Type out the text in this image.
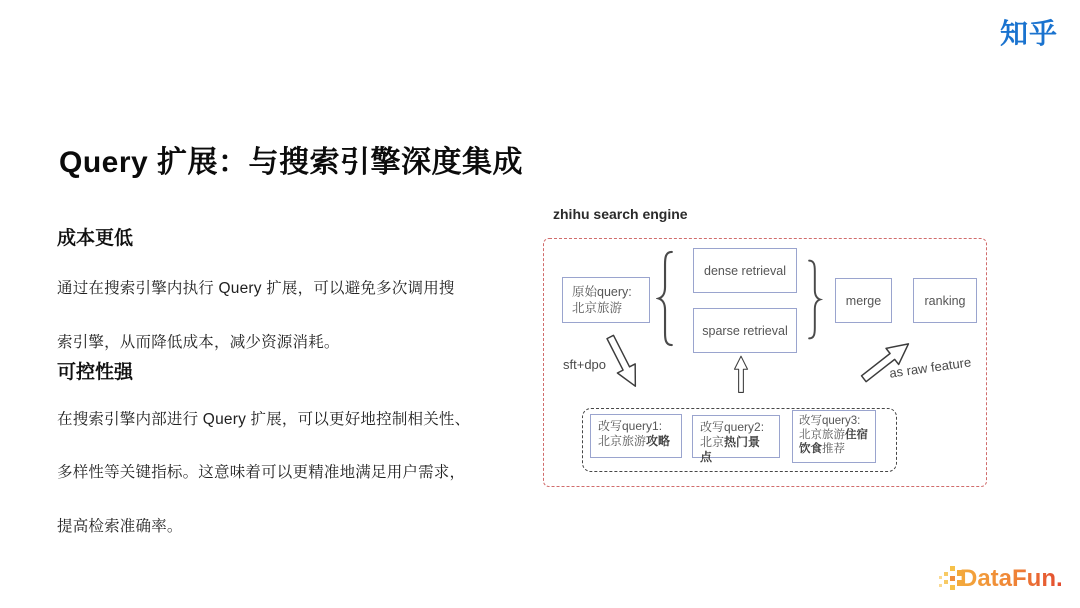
知乎
Query 扩展：与搜索引擎深度集成
成本更低
通过在搜索引擎内执行 Query 扩展，可以避免多次调用搜
索引擎，从而降低成本，减少资源消耗。
可控性强
在搜索引擎内部进行 Query 扩展，可以更好地控制相关性、
多样性等关键指标。这意味着可以更精准地满足用户需求，
提高检索准确率。
zhihu search engine
原始query:
北京旅游
dense retrieval
sparse retrieval
merge	ranking
sft+dpo	as raw feature
改写query1:
北京旅游攻略
改写query2:
北京热门景点
改写query3:
北京旅游住宿
饮食推荐
DataFun.
